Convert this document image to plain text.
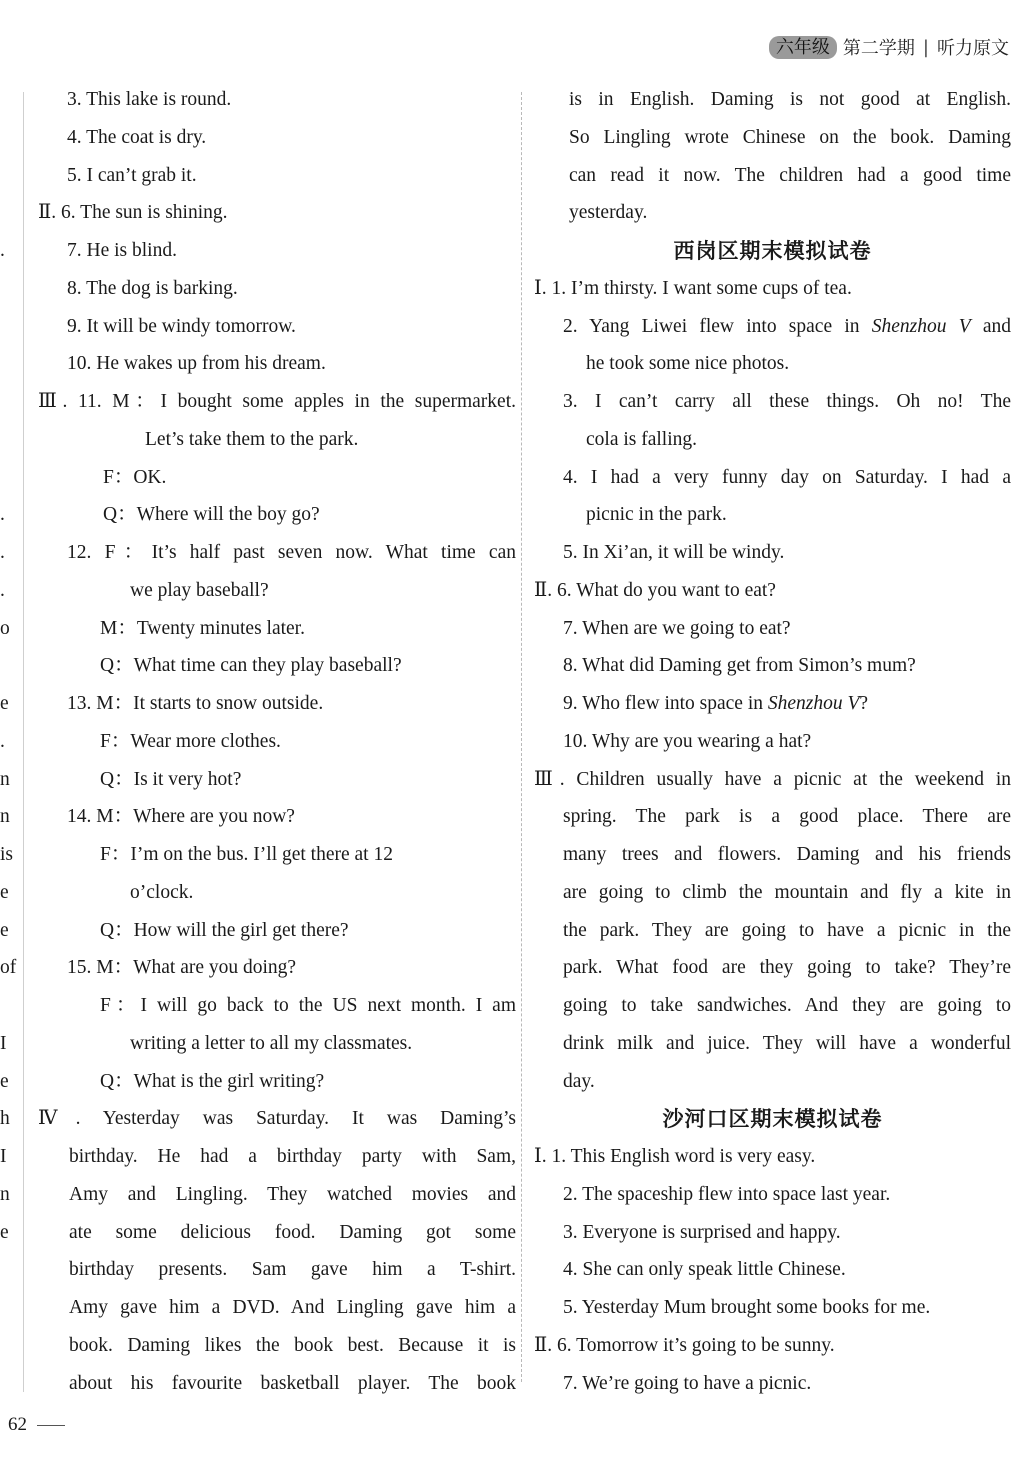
六年级 第二学期 | 听力原文
.
.
.
.
o
e
.
n
n
is
e
e
of
I
e
h
I
n
e
3. This lake is round.
4. The coat is dry.
5. I can’t grab it.
Ⅱ. 6. The sun is shining.
7. He is blind.
8. The dog is barking.
9. It will be windy tomorrow.
10. He wakes up from his dream.
Ⅲ. 11. M：I bought some apples in the supermarket.
Let’s take them to the park.
F：OK.
Q：Where will the boy go?
12. F：It’s half past seven now. What time can
we play baseball?
M：Twenty minutes later.
Q：What time can they play baseball?
13. M：It starts to snow outside.
F：Wear more clothes.
Q：Is it very hot?
14. M：Where are you now?
F：I’m on the bus. I’ll get there at 12
o’clock.
Q：How will the girl get there?
15. M：What are you doing?
F：I will go back to the US next month. I am
writing a letter to all my classmates.
Q：What is the girl writing?
Ⅳ. Yesterday was Saturday. It was Daming’s
birthday. He had a birthday party with Sam,
Amy and Lingling. They watched movies and
ate some delicious food. Daming got some
birthday presents. Sam gave him a T-shirt.
Amy gave him a DVD. And Lingling gave him a
book. Daming likes the book best. Because it is
about his favourite basketball player. The book
is in English. Daming is not good at English.
So Lingling wrote Chinese on the book. Daming
can read it now. The children had a good time
yesterday.
西岗区期末模拟试卷
Ⅰ. 1. I’m thirsty. I want some cups of tea.
2. Yang Liwei flew into space in Shenzhou V and
he took some nice photos.
3. I can’t carry all these things. Oh no! The
cola is falling.
4. I had a very funny day on Saturday. I had a
picnic in the park.
5. In Xi’an, it will be windy.
Ⅱ. 6. What do you want to eat?
7. When are we going to eat?
8. What did Daming get from Simon’s mum?
9. Who flew into space in Shenzhou V?
10. Why are you wearing a hat?
Ⅲ. Children usually have a picnic at the weekend in
spring. The park is a good place. There are
many trees and flowers. Daming and his friends
are going to climb the mountain and fly a kite in
the park. They are going to have a picnic in the
park. What food are they going to take? They’re
going to take sandwiches. And they are going to
drink milk and juice. They will have a wonderful
day.
沙河口区期末模拟试卷
Ⅰ. 1. This English word is very easy.
2. The spaceship flew into space last year.
3. Everyone is surprised and happy.
4. She can only speak little Chinese.
5. Yesterday Mum brought some books for me.
Ⅱ. 6. Tomorrow it’s going to be sunny.
7. We’re going to have a picnic.
62
